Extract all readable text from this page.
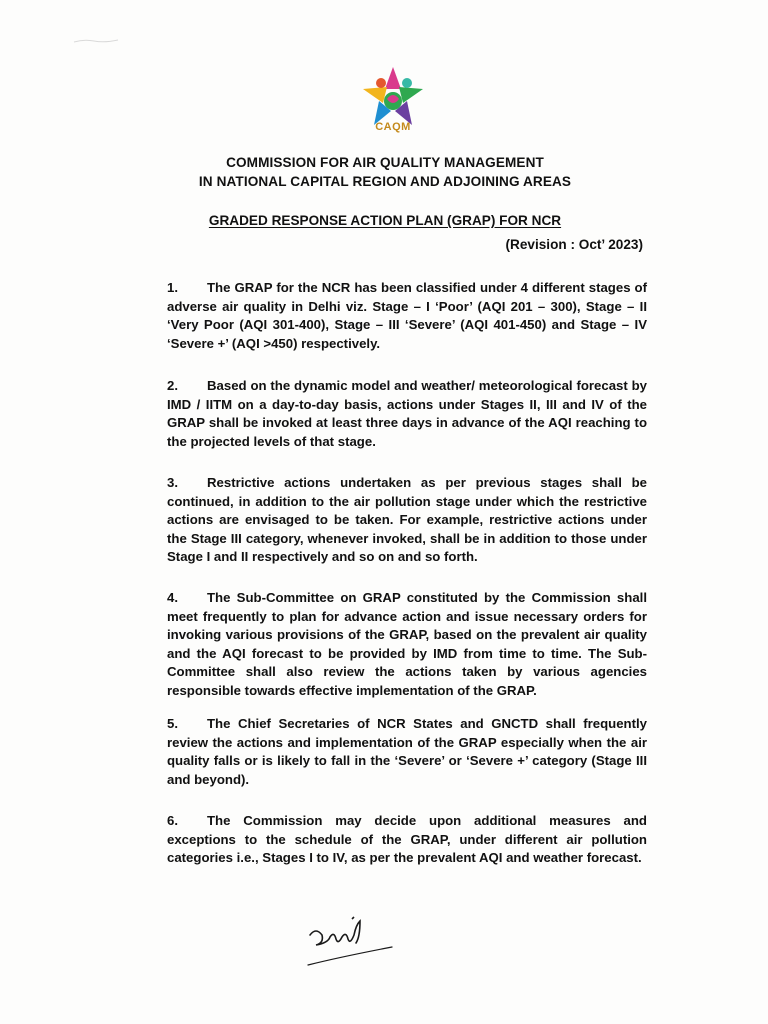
CAQM
COMMISSION FOR AIR QUALITY MANAGEMENT
IN NATIONAL CAPITAL REGION AND ADJOINING AREAS
GRADED RESPONSE ACTION PLAN (GRAP) FOR NCR
(Revision : Oct’ 2023)

1. The GRAP for the NCR has been classified under 4 different stages of adverse air quality in Delhi viz. Stage – I ‘Poor’ (AQI 201 – 300), Stage – II ‘Very Poor (AQI 301-400), Stage – III ‘Severe’ (AQI 401-450) and Stage – IV ‘Severe +’ (AQI >450) respectively.

2. Based on the dynamic model and weather/ meteorological forecast by IMD / IITM on a day-to-day basis, actions under Stages II, III and IV of the GRAP shall be invoked at least three days in advance of the AQI reaching to the projected levels of that stage.

3. Restrictive actions undertaken as per previous stages shall be continued, in addition to the air pollution stage under which the restrictive actions are envisaged to be taken. For example, restrictive actions under the Stage III category, whenever invoked, shall be in addition to those under Stage I and II respectively and so on and so forth.

4. The Sub-Committee on GRAP constituted by the Commission shall meet frequently to plan for advance action and issue necessary orders for invoking various provisions of the GRAP, based on the prevalent air quality and the AQI forecast to be provided by IMD from time to time. The Sub-Committee shall also review the actions taken by various agencies responsible towards effective implementation of the GRAP.

5. The Chief Secretaries of NCR States and GNCTD shall frequently review the actions and implementation of the GRAP especially when the air quality falls or is likely to fall in the ‘Severe’ or ‘Severe +’ category (Stage III and beyond).

6. The Commission may decide upon additional measures and exceptions to the schedule of the GRAP, under different air pollution categories i.e., Stages I to IV, as per the prevalent AQI and weather forecast.
